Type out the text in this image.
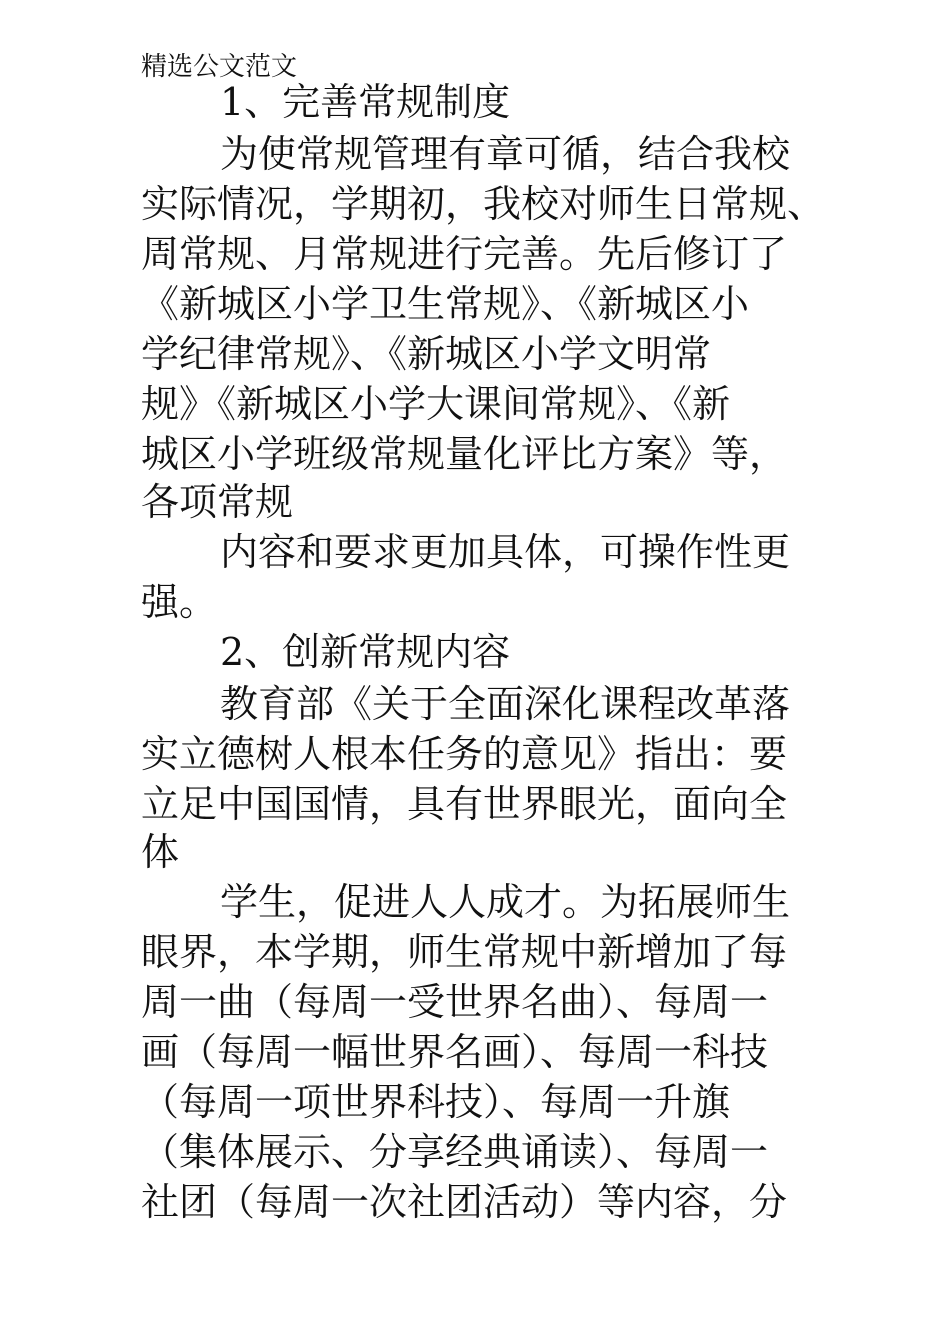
精选公文范文
1、完善常规制度
为使常规管理有章可循，结合我校
实际情况，学期初，我校对师生日常规、
周常规、月常规进行完善。先后修订了
《新城区小学卫生常规》、《新城区小
学纪律常规》、《新城区小学文明常
规》《新城区小学大课间常规》、《新
城区小学班级常规量化评比方案》等，
各项常规
内容和要求更加具体，可操作性更
强。
2、创新常规内容
教育部《关于全面深化课程改革落
实立德树人根本任务的意见》指出：要
立足中国国情，具有世界眼光，面向全
体
学生，促进人人成才。为拓展师生
眼界，本学期，师生常规中新增加了每
周一曲（每周一受世界名曲）、每周一
画（每周一幅世界名画）、每周一科技
（每周一项世界科技）、每周一升旗
（集体展示、分享经典诵读）、每周一
社团（每周一次社团活动）等内容，分
